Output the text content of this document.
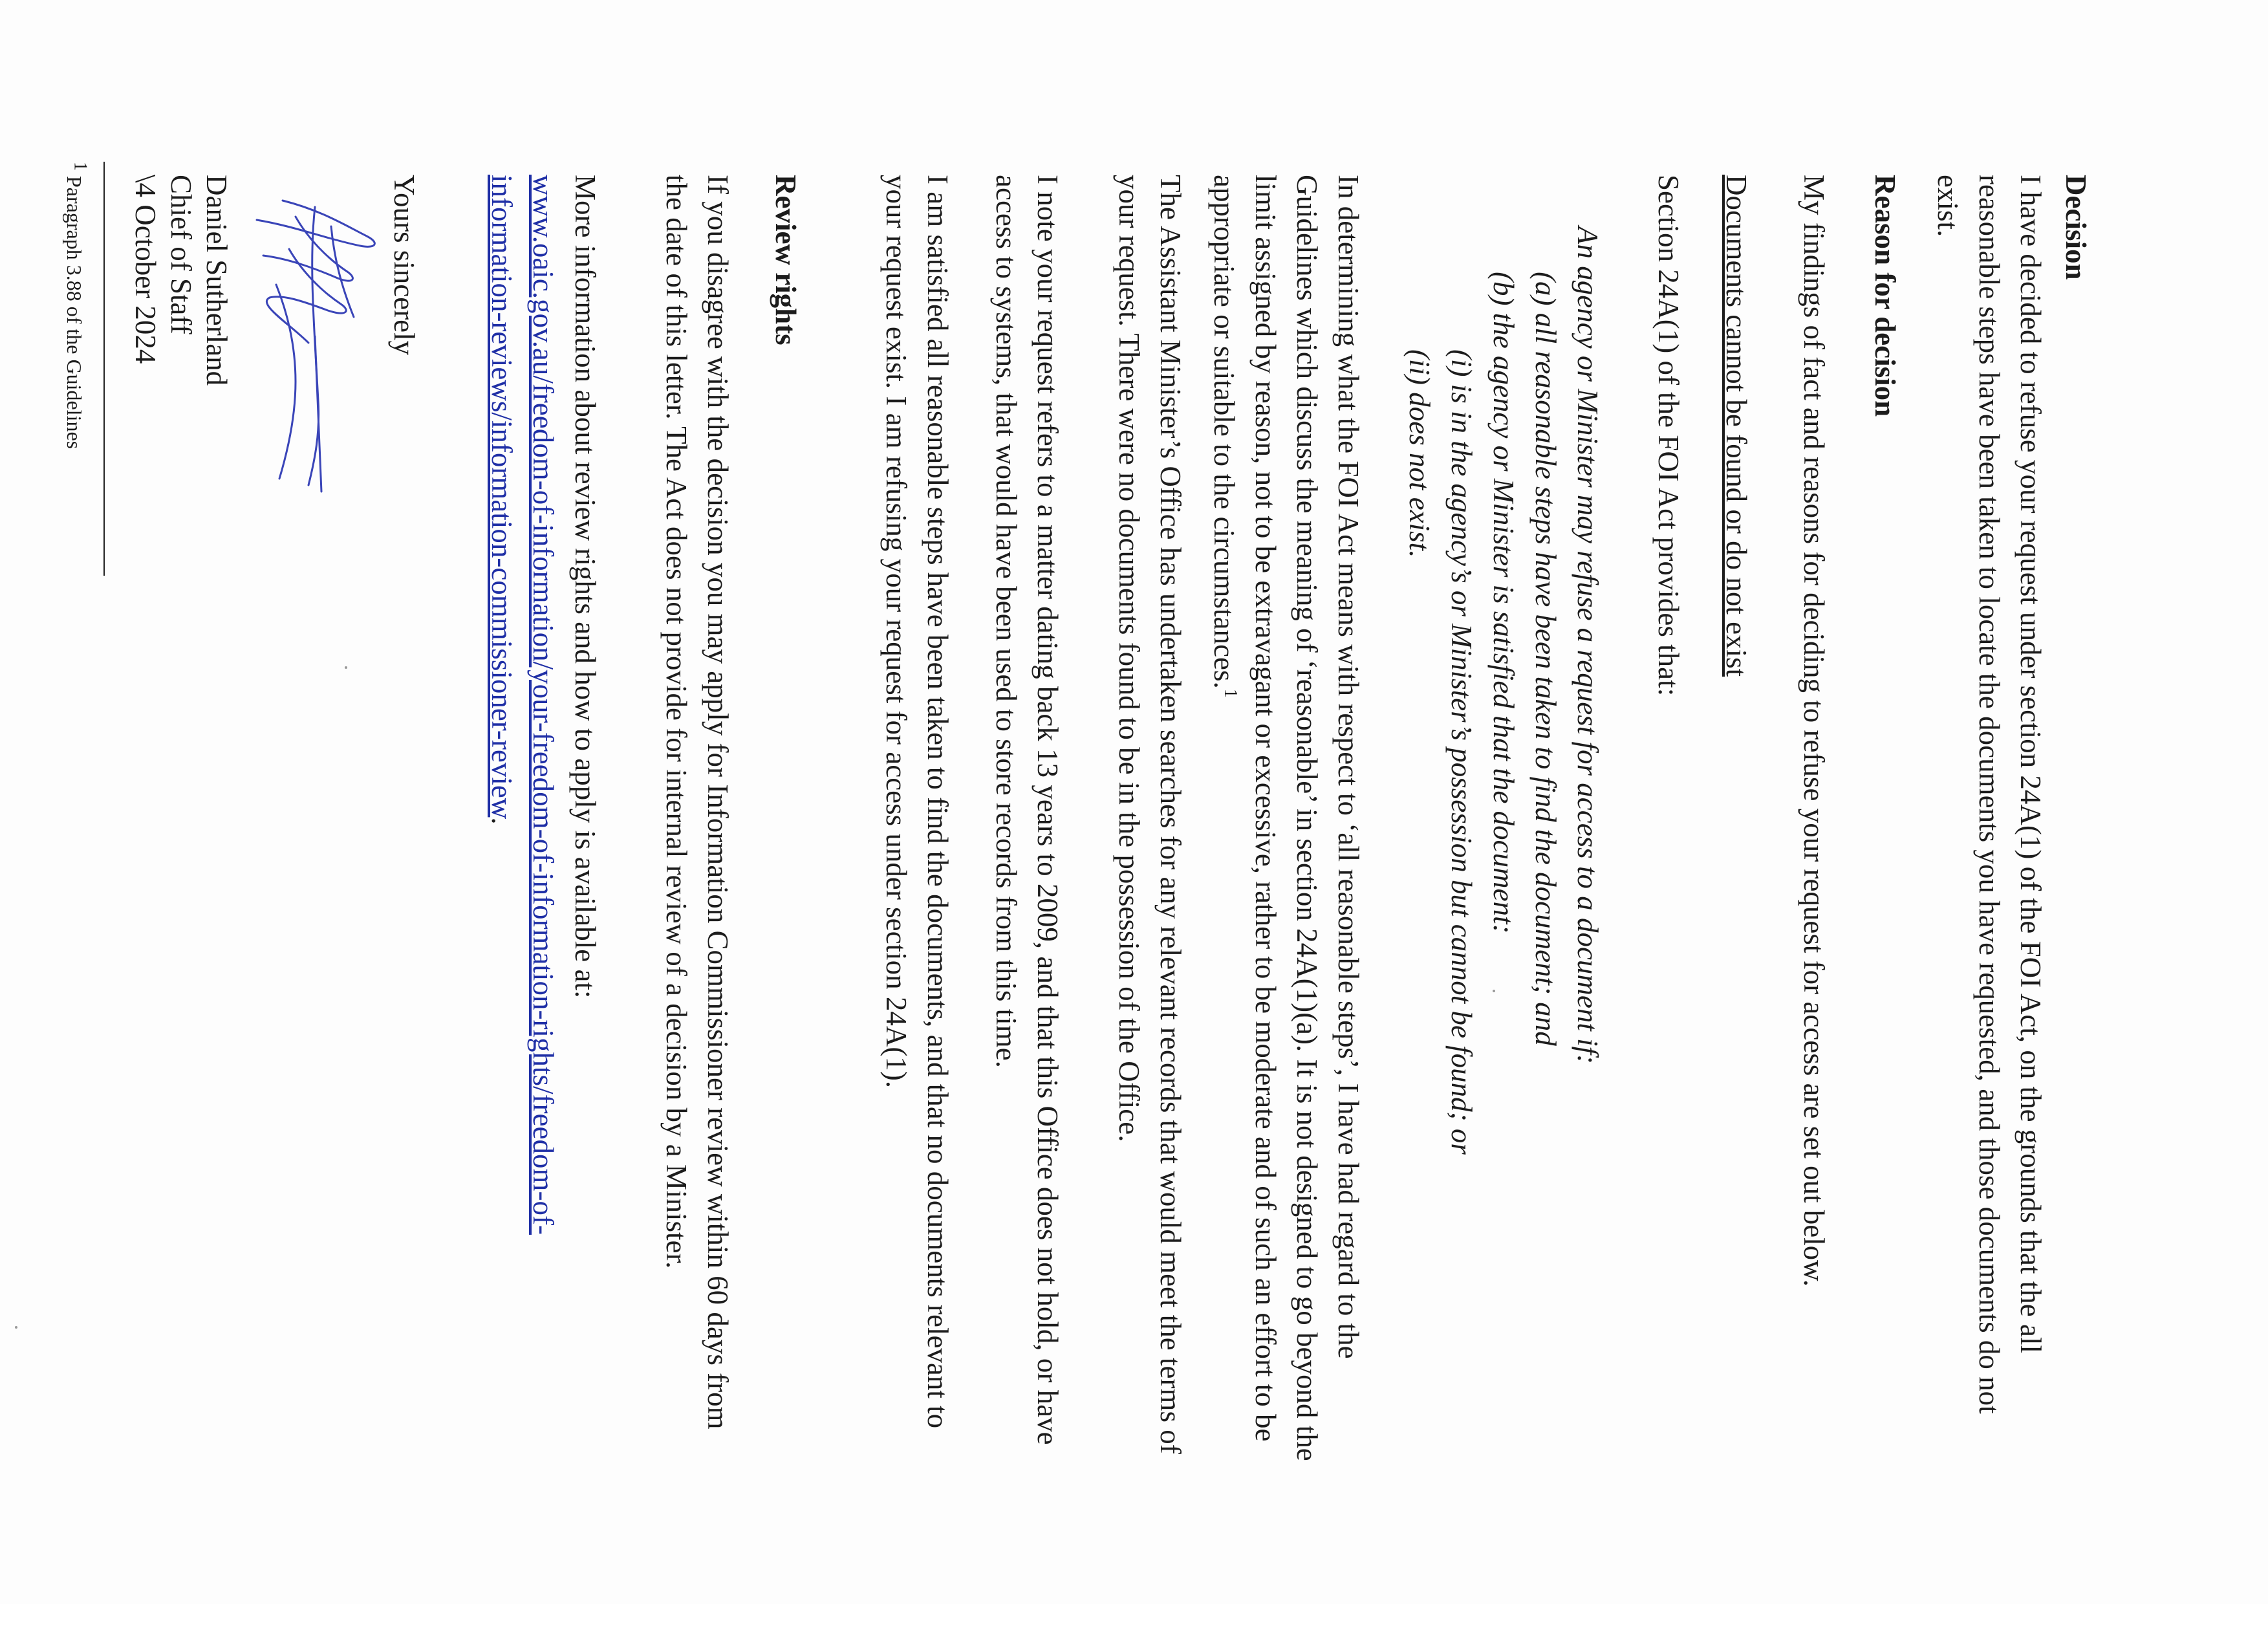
Decision
I have decided to refuse your request under section 24A(1) of the FOI Act, on the grounds that the all reasonable steps have been taken to locate the documents you have requested, and those documents do not exist.
Reason for decision
My findings of fact and reasons for deciding to refuse your request for access are set out below.
Documents cannot be found or do not exist
Section 24A(1) of the FOI Act provides that:
An agency or Minister may refuse a request for access to a document if:
(a) all reasonable steps have been taken to find the document; and
(b) the agency or Minister is satisfied that the document:
(i) is in the agency’s or Minister’s possession but cannot be found; or
(ii) does not exist.
In determining what the FOI Act means with respect to ‘all reasonable steps’, I have had regard to the Guidelines which discuss the meaning of ‘reasonable’ in section 24A(1)(a). It is not designed to go beyond the limit assigned by reason, not to be extravagant or excessive, rather to be moderate and of such an effort to be appropriate or suitable to the circumstances.$^1$
The Assistant Minister’s Office has undertaken searches for any relevant records that would meet the terms of your request. There were no documents found to be in the possession of the Office.
I note your request refers to a matter dating back 13 years to 2009, and that this Office does not hold, or have access to systems, that would have been used to store records from this time.
I am satisfied all reasonable steps have been taken to find the documents, and that no documents relevant to your request exist. I am refusing your request for access under section 24A(1).
Review rights
If you disagree with the decision you may apply for Information Commissioner review within 60 days from the date of this letter. The Act does not provide for internal review of a decision by a Minister.
More information about review rights and how to apply is available at:
www.oaic.gov.au/freedom-of-information/your-freedom-of-information-rights/freedom-of-
information-reviews/information-commissioner-review.
Yours sincerely
Daniel Sutherland
Chief of Staff
\4 October 2024
1 Paragraph 3.88 of the Guidelines
